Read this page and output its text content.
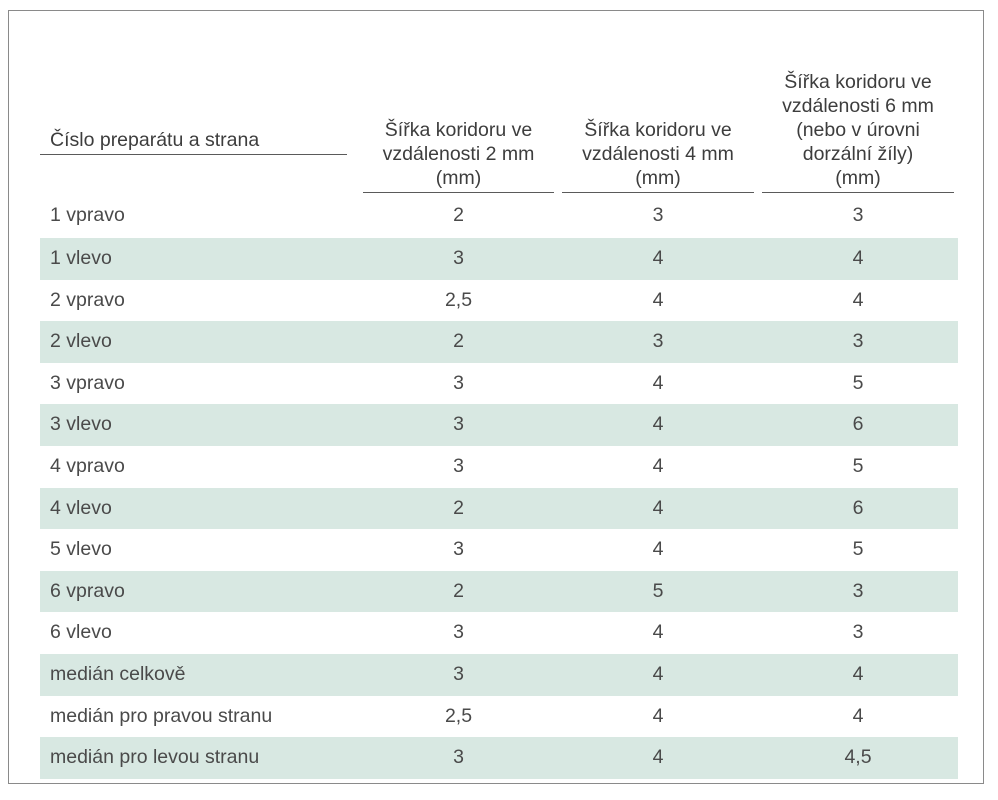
Číslo preparátu a strana	Šířka koridoru ve
vzdálenosti 2 mm
(mm)	Šířka koridoru ve
vzdálenosti 4 mm
(mm)	Šířka koridoru ve
vzdálenosti 6 mm
(nebo v úrovni
dorzální žíly)
(mm)

1 vpravo	2	3	3
1 vlevo	3	4	4
2 vpravo	2,5	4	4
2 vlevo	2	3	3
3 vpravo	3	4	5
3 vlevo	3	4	6
4 vpravo	3	4	5
4 vlevo	2	4	6
5 vlevo	3	4	5
6 vpravo	2	5	3
6 vlevo	3	4	3
medián celkově	3	4	4
medián pro pravou stranu	2,5	4	4
medián pro levou stranu	3	4	4,5
